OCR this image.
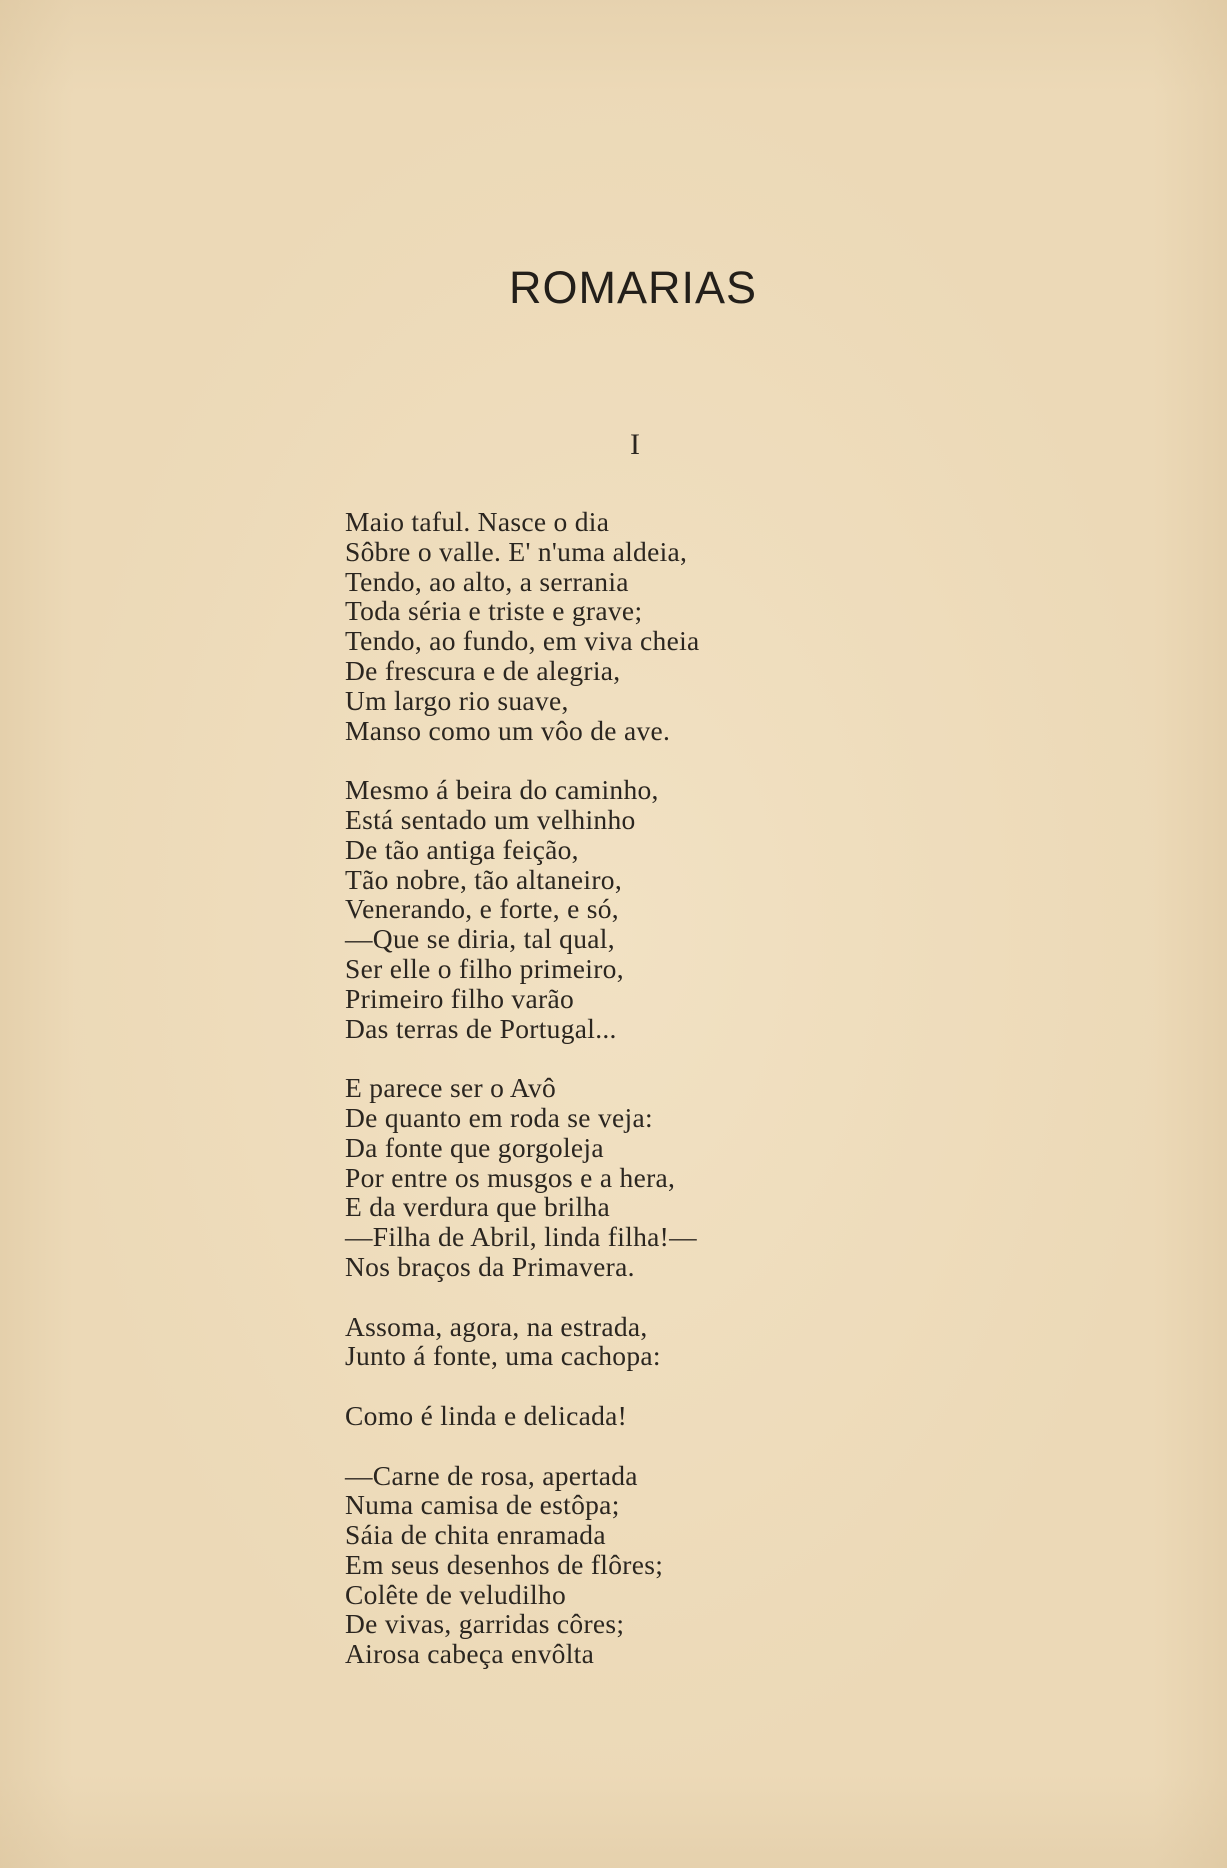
ROMARIAS
I
Maio taful. Nasce o dia
Sôbre o valle. E' n'uma aldeia,
Tendo, ao alto, a serrania
Toda séria e triste e grave;
Tendo, ao fundo, em viva cheia
De frescura e de alegria,
Um largo rio suave,
Manso como um vôo de ave.
Mesmo á beira do caminho,
Está sentado um velhinho
De tão antiga feição,
Tão nobre, tão altaneiro,
Venerando, e forte, e só,
—Que se diria, tal qual,
Ser elle o filho primeiro,
Primeiro filho varão
Das terras de Portugal...
E parece ser o Avô
De quanto em roda se veja:
Da fonte que gorgoleja
Por entre os musgos e a hera,
E da verdura que brilha
—Filha de Abril, linda filha!—
Nos braços da Primavera.
Assoma, agora, na estrada,
Junto á fonte, uma cachopa:
Como é linda e delicada!
—Carne de rosa, apertada
Numa camisa de estôpa;
Sáia de chita enramada
Em seus desenhos de flôres;
Colête de veludilho
De vivas, garridas côres;
Airosa cabeça envôlta
